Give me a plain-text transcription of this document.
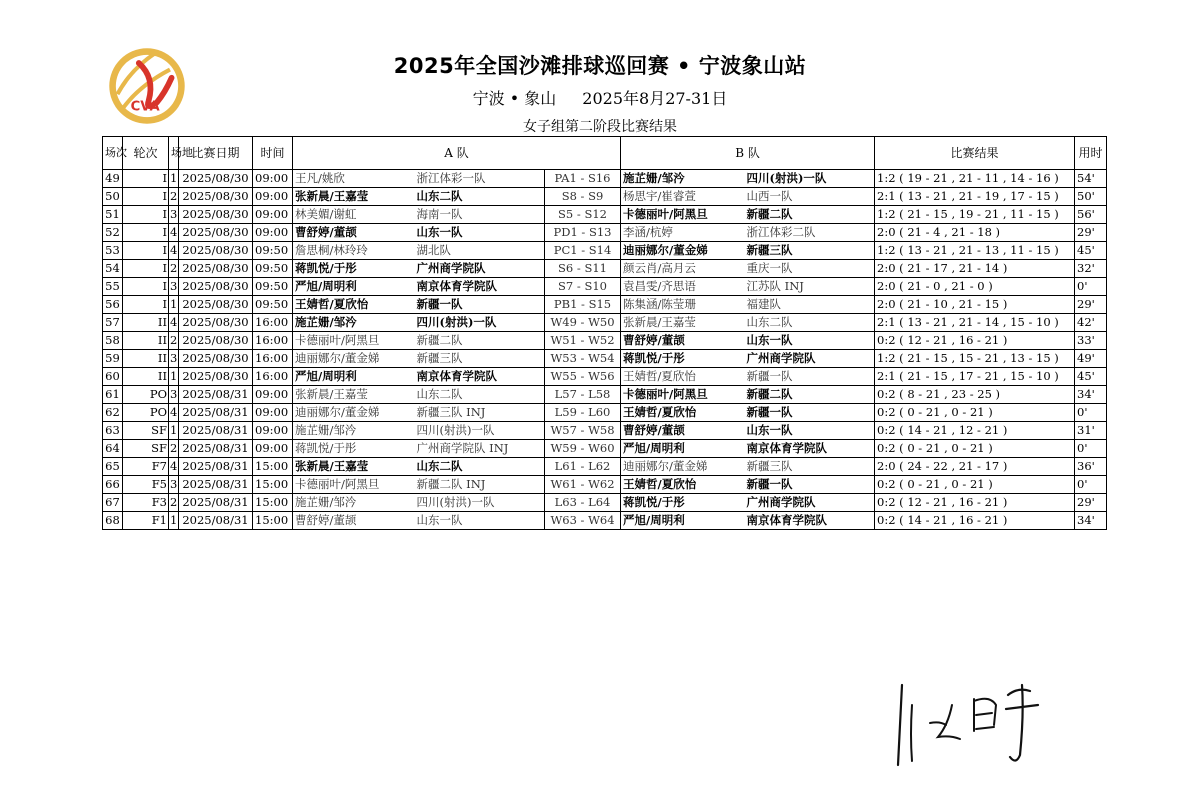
CVA
2025年全国沙滩排球巡回赛 • 宁波象山站
宁波 • 象山 2025年8月27-31日
女子组第二阶段比赛结果
场次	轮次	场地	比赛日期	时间	A 队			B 队		比赛结果	用时
49	I	1	2025/08/30	09:00	王凡/姚欣	浙江体彩一队	PA1 - S16	施芷姗/邹汵	四川(射洪)一队	1:2 ( 19 - 21 , 21 - 11 , 14 - 16 )	54'
50	I	2	2025/08/30	09:00	张新晨/王嘉莹	山东二队	S8 - S9	杨思宇/崔睿萱	山西一队	2:1 ( 13 - 21 , 21 - 19 , 17 - 15 )	50'
51	I	3	2025/08/30	09:00	林美媚/谢虹	海南一队	S5 - S12	卡德丽叶/阿黑旦	新疆二队	1:2 ( 21 - 15 , 19 - 21 , 11 - 15 )	56'
52	I	4	2025/08/30	09:00	曹舒婷/董颉	山东一队	PD1 - S13	李涵/杭婷	浙江体彩二队	2:0 ( 21 - 4 , 21 - 18 )	29'
53	I	4	2025/08/30	09:50	詹思桐/林玲玲	湖北队	PC1 - S14	迪丽娜尔/董金娣	新疆三队	1:2 ( 13 - 21 , 21 - 13 , 11 - 15 )	45'
54	I	2	2025/08/30	09:50	蒋凯悦/于彤	广州商学院队	S6 - S11	颜云肖/高月云	重庆一队	2:0 ( 21 - 17 , 21 - 14 )	32'
55	I	3	2025/08/30	09:50	严旭/周明利	南京体育学院队	S7 - S10	袁昌雯/齐思语	江苏队 INJ	2:0 ( 21 - 0 , 21 - 0 )	0'
56	I	1	2025/08/30	09:50	王婧哲/夏欣怡	新疆一队	PB1 - S15	陈集涵/陈莹珊	福建队	2:0 ( 21 - 10 , 21 - 15 )	29'
57	II	4	2025/08/30	16:00	施芷姗/邹汵	四川(射洪)一队	W49 - W50	张新晨/王嘉莹	山东二队	2:1 ( 13 - 21 , 21 - 14 , 15 - 10 )	42'
58	II	2	2025/08/30	16:00	卡德丽叶/阿黑旦	新疆二队	W51 - W52	曹舒婷/董颉	山东一队	0:2 ( 12 - 21 , 16 - 21 )	33'
59	II	3	2025/08/30	16:00	迪丽娜尔/董金娣	新疆三队	W53 - W54	蒋凯悦/于彤	广州商学院队	1:2 ( 21 - 15 , 15 - 21 , 13 - 15 )	49'
60	II	1	2025/08/30	16:00	严旭/周明利	南京体育学院队	W55 - W56	王婧哲/夏欣怡	新疆一队	2:1 ( 21 - 15 , 17 - 21 , 15 - 10 )	45'
61	PO	3	2025/08/31	09:00	张新晨/王嘉莹	山东二队	L57 - L58	卡德丽叶/阿黑旦	新疆二队	0:2 ( 8 - 21 , 23 - 25 )	34'
62	PO	4	2025/08/31	09:00	迪丽娜尔/董金娣	新疆三队 INJ	L59 - L60	王婧哲/夏欣怡	新疆一队	0:2 ( 0 - 21 , 0 - 21 )	0'
63	SF	1	2025/08/31	09:00	施芷姗/邹汵	四川(射洪)一队	W57 - W58	曹舒婷/董颉	山东一队	0:2 ( 14 - 21 , 12 - 21 )	31'
64	SF	2	2025/08/31	09:00	蒋凯悦/于彤	广州商学院队 INJ	W59 - W60	严旭/周明利	南京体育学院队	0:2 ( 0 - 21 , 0 - 21 )	0'
65	F7	4	2025/08/31	15:00	张新晨/王嘉莹	山东二队	L61 - L62	迪丽娜尔/董金娣	新疆三队	2:0 ( 24 - 22 , 21 - 17 )	36'
66	F5	3	2025/08/31	15:00	卡德丽叶/阿黑旦	新疆二队 INJ	W61 - W62	王婧哲/夏欣怡	新疆一队	0:2 ( 0 - 21 , 0 - 21 )	0'
67	F3	2	2025/08/31	15:00	施芷姗/邹汵	四川(射洪)一队	L63 - L64	蒋凯悦/于彤	广州商学院队	0:2 ( 12 - 21 , 16 - 21 )	29'
68	F1	1	2025/08/31	15:00	曹舒婷/董颉	山东一队	W63 - W64	严旭/周明利	南京体育学院队	0:2 ( 14 - 21 , 16 - 21 )	34'
